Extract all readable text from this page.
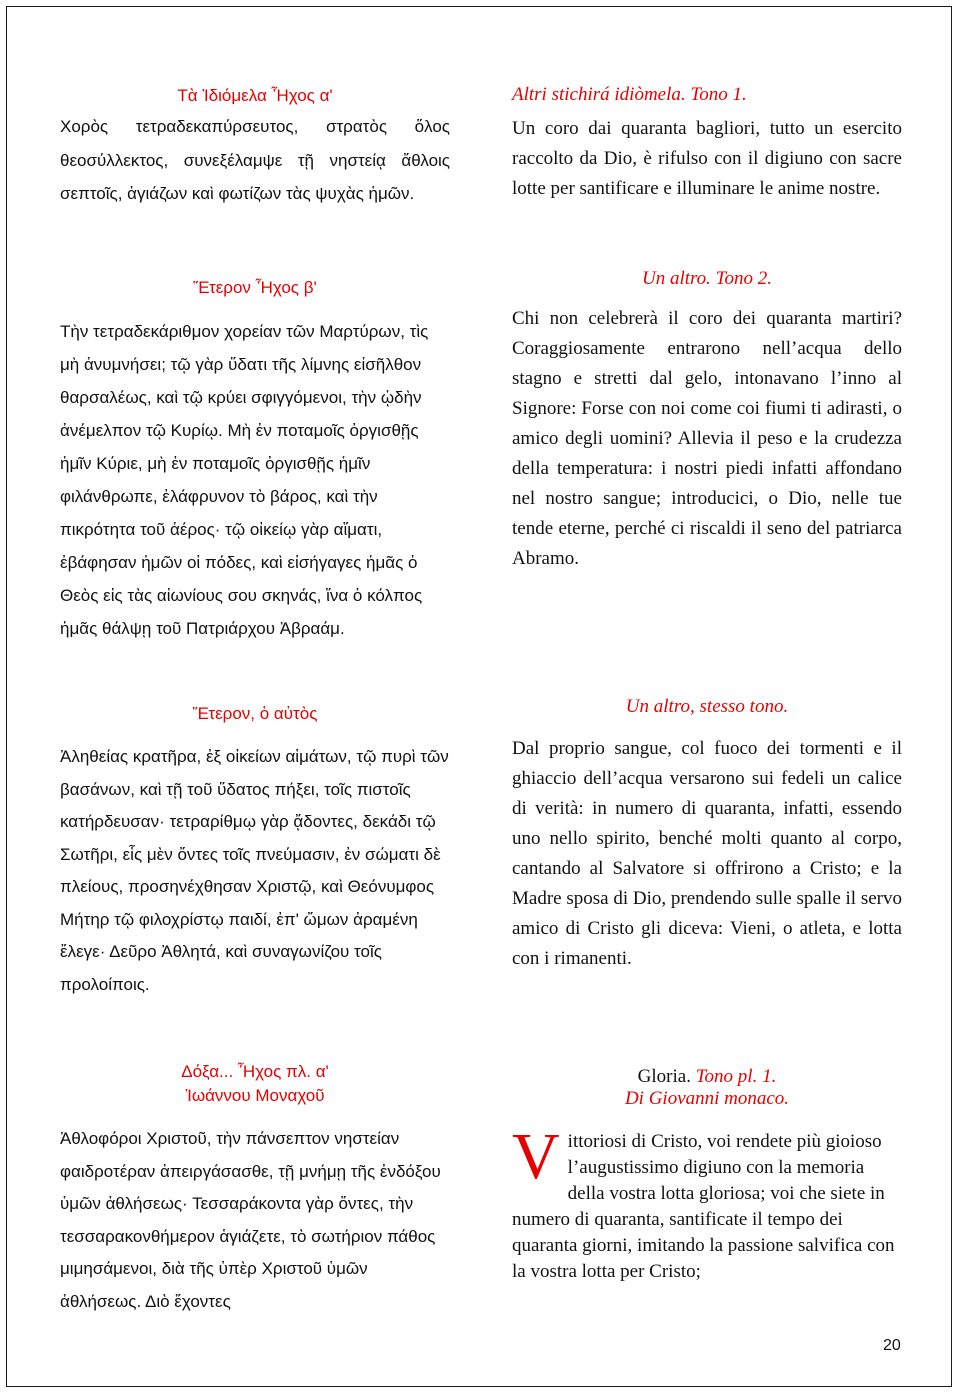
Τὰ Ἰδιόμελα Ἦχος α'

Χορὸς τετραδεκαπύρσευτος, στρατὸς ὅλος θεοσύλλεκτος, συνεξέλαμψε τῇ νηστείᾳ ἄθλοις σεπτοῖς, ἁγιάζων καὶ φωτίζων τὰς ψυχὰς ἡμῶν.

Ἕτερον Ἦχος β'

Τὴν τετραδεκάριθμον χορείαν τῶν Μαρτύρων, τὶς μὴ ἀνυμνήσει; τῷ γὰρ ὕδατι τῆς λίμνης εἰσῆλθον θαρσαλέως, καὶ τῷ κρύει σφιγγόμενοι, τὴν ᾠδὴν ἀνέμελπον τῷ Κυρίῳ. Μὴ ἐν ποταμοῖς ὀργισθῇς ἡμῖν Κύριε, μὴ ἐν ποταμοῖς ὀργισθῇς ἡμῖν φιλάνθρωπε, ἐλάφρυνον τὸ βάρος, καὶ τὴν πικρότητα τοῦ ἀέρος· τῷ οἰκείῳ γὰρ αἵματι, ἐβάφησαν ἡμῶν οἱ πόδες, καὶ εἰσήγαγες ἡμᾶς ὁ Θεὸς εἰς τὰς αἰωνίους σου σκηνάς, ἵνα ὁ κόλπος ἡμᾶς θάλψῃ τοῦ Πατριάρχου Ἀβραάμ.

Ἕτερον, ὁ αὐτὸς

Ἀληθείας κρατῆρα, ἐξ οἰκείων αἱμάτων, τῷ πυρὶ τῶν βασάνων, καὶ τῇ τοῦ ὕδατος πήξει, τοῖς πιστοῖς κατήρδευσαν· τετραρίθμῳ γὰρ ᾄδοντες, δεκάδι τῷ Σωτῆρι, εἷς μὲν ὄντες τοῖς πνεύμασιν, ἐν σώματι δὲ πλείους, προσηνέχθησαν Χριστῷ, καὶ Θεόνυμφος Μήτηρ τῷ φιλοχρίστῳ παιδί, ἐπ' ὤμων ἀραμένη ἔλεγε· Δεῦρο Ἀθλητά, καὶ συναγωνίζου τοῖς προλοίποις.

Δόξα... Ἦχος πλ. α'
Ἰωάννου Μοναχοῦ

Ἀθλοφόροι Χριστοῦ, τὴν πάνσεπτον νηστείαν φαιδροτέραν ἀπειργάσασθε, τῇ μνήμῃ τῆς ἐνδόξου ὑμῶν ἀθλήσεως· Τεσσαράκοντα γὰρ ὄντες, τὴν τεσσαρακονθήμερον ἁγιάζετε, τὸ σωτήριον πάθος μιμησάμενοι, διὰ τῆς ὑπὲρ Χριστοῦ ὑμῶν ἀθλήσεως. Διὸ ἔχοντες

Altri stichirá idiòmela. Tono 1.

Un coro dai quaranta bagliori, tutto un esercito raccolto da Dio, è rifulso con il digiuno con sacre lotte per santificare e illuminare le anime nostre.

Un altro. Tono 2.

Chi non celebrerà il coro dei quaranta martiri? Coraggiosamente entrarono nell’acqua dello stagno e stretti dal gelo, intonavano l’inno al Signore: Forse con noi come coi fiumi ti adirasti, o amico degli uomini? Allevia il peso e la crudezza della temperatura: i nostri piedi infatti affondano nel nostro sangue; introducici, o Dio, nelle tue tende eterne, perché ci riscaldi il seno del patriarca Abramo.

Un altro, stesso tono.

Dal proprio sangue, col fuoco dei tormenti e il ghiaccio dell’acqua versarono sui fedeli un calice di verità: in numero di quaranta, infatti, essendo uno nello spirito, benché molti quanto al corpo, cantando al Salvatore si offrirono a Cristo; e la Madre sposa di Dio, prendendo sulle spalle il servo amico di Cristo gli diceva: Vieni, o atleta, e lotta con i rimanenti.

Gloria. Tono pl. 1.
Di Giovanni monaco.
V ittoriosi di Cristo, voi rendete più gioioso l’augustissimo digiuno con la memoria della vostra lotta gloriosa; voi che siete in numero di quaranta, santificate il tempo dei quaranta giorni, imitando la passione salvifica con la vostra lotta per Cristo;

20
